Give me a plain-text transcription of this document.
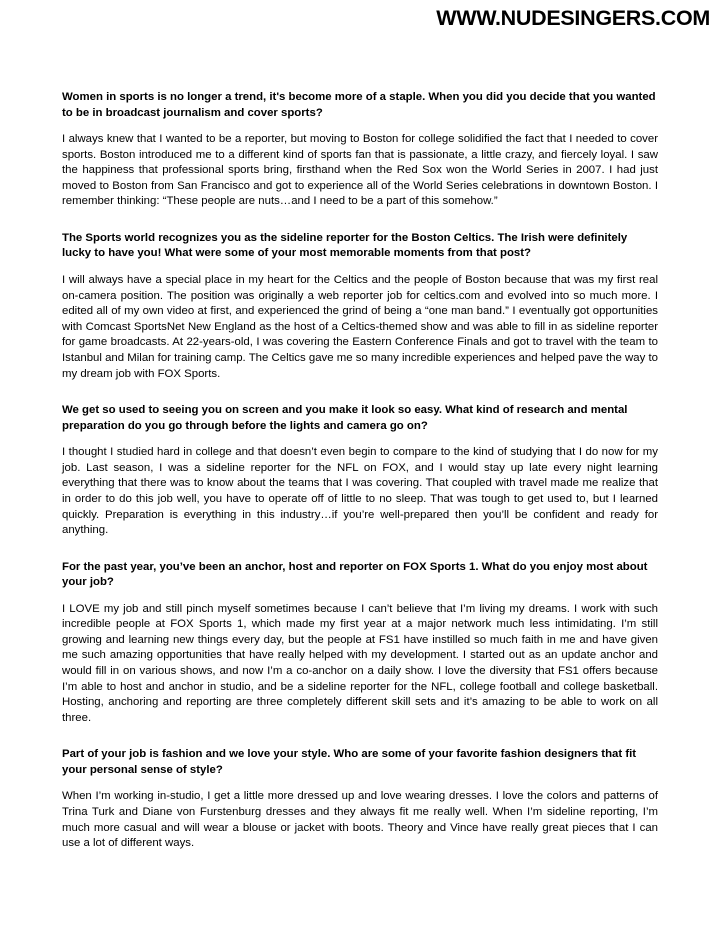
WWW.NUDESINGERS.COM

Women in sports is no longer a trend, it's become more of a staple. When you did you decide that you wanted to be in broadcast journalism and cover sports?

I always knew that I wanted to be a reporter, but moving to Boston for college solidified the fact that I needed to cover sports. Boston introduced me to a different kind of sports fan that is passionate, a little crazy, and fiercely loyal. I saw the happiness that professional sports bring, firsthand when the Red Sox won the World Series in 2007. I had just moved to Boston from San Francisco and got to experience all of the World Series celebrations in downtown Boston. I remember thinking: “These people are nuts…and I need to be a part of this somehow.”

The Sports world recognizes you as the sideline reporter for the Boston Celtics. The Irish were definitely lucky to have you! What were some of your most memorable moments from that post?

I will always have a special place in my heart for the Celtics and the people of Boston because that was my first real on-camera position. The position was originally a web reporter job for celtics.com and evolved into so much more. I edited all of my own video at first, and experienced the grind of being a “one man band.” I eventually got opportunities with Comcast SportsNet New England as the host of a Celtics-themed show and was able to fill in as sideline reporter for game broadcasts. At 22-years-old, I was covering the Eastern Conference Finals and got to travel with the team to Istanbul and Milan for training camp. The Celtics gave me so many incredible experiences and helped pave the way to my dream job with FOX Sports.

We get so used to seeing you on screen and you make it look so easy. What kind of research and mental preparation do you go through before the lights and camera go on?

I thought I studied hard in college and that doesn’t even begin to compare to the kind of studying that I do now for my job. Last season, I was a sideline reporter for the NFL on FOX, and I would stay up late every night learning everything that there was to know about the teams that I was covering. That coupled with travel made me realize that in order to do this job well, you have to operate off of little to no sleep. That was tough to get used to, but I learned quickly. Preparation is everything in this industry…if you’re well-prepared then you’ll be confident and ready for anything.

For the past year, you’ve been an anchor, host and reporter on FOX Sports 1. What do you enjoy most about your job?

I LOVE my job and still pinch myself sometimes because I can’t believe that I’m living my dreams. I work with such incredible people at FOX Sports 1, which made my first year at a major network much less intimidating. I’m still growing and learning new things every day, but the people at FS1 have instilled so much faith in me and have given me such amazing opportunities that have really helped with my development. I started out as an update anchor and would fill in on various shows, and now I’m a co-anchor on a daily show. I love the diversity that FS1 offers because I’m able to host and anchor in studio, and be a sideline reporter for the NFL, college football and college basketball. Hosting, anchoring and reporting are three completely different skill sets and it’s amazing to be able to work on all three.

Part of your job is fashion and we love your style. Who are some of your favorite fashion designers that fit your personal sense of style?

When I’m working in-studio, I get a little more dressed up and love wearing dresses. I love the colors and patterns of Trina Turk and Diane von Furstenburg dresses and they always fit me really well. When I’m sideline reporting, I’m much more casual and will wear a blouse or jacket with boots. Theory and Vince have really great pieces that I can use a lot of different ways.
